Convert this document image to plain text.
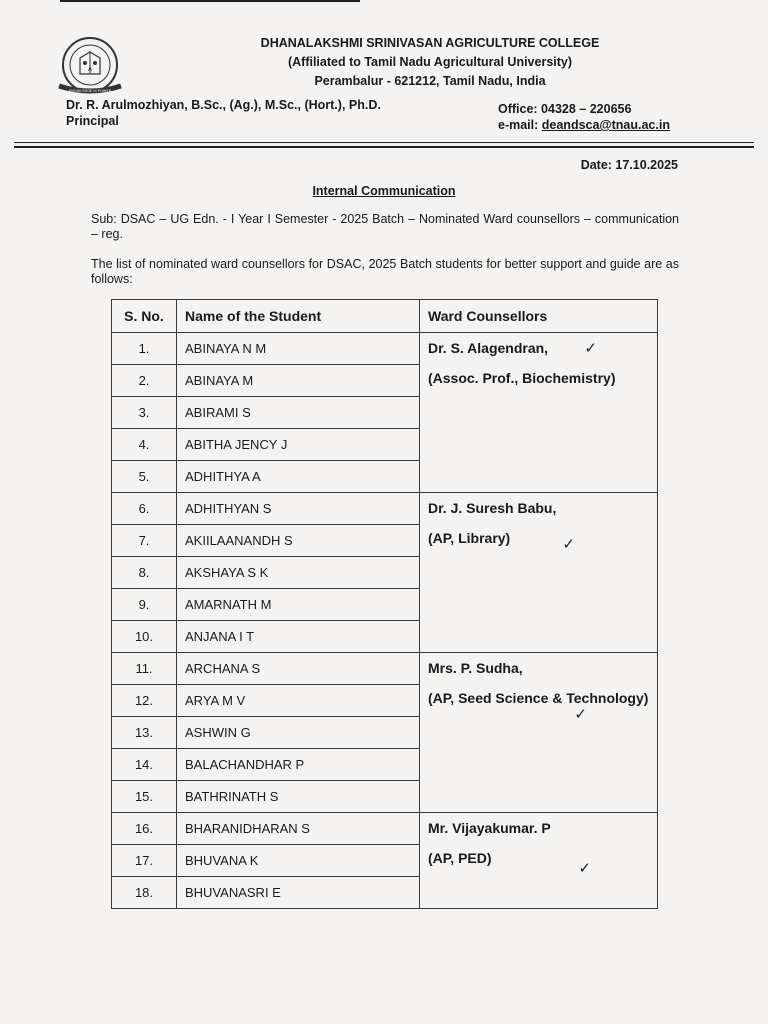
A
KNOWLEDGE IS POWER
DHANALAKSHMI SRINIVASAN AGRICULTURE COLLEGE
(Affiliated to Tamil Nadu Agricultural University)
Perambalur - 621212, Tamil Nadu, India
Dr. R. Arulmozhiyan, B.Sc., (Ag.), M.Sc., (Hort.), Ph.D.
Principal
Office: 04328 – 220656
e-mail: deandsca@tnau.ac.in
Date: 17.10.2025
Internal Communication
Sub: DSAC – UG Edn. - I Year I Semester - 2025 Batch – Nominated Ward counsellors – communication – reg.
The list of nominated ward counsellors for DSAC, 2025 Batch students for better support and guide are as follows:
S. No.	Name of the Student	Ward Counsellors
1.	ABINAYA N M	Dr. S. Alagendran,
(Assoc. Prof., Biochemistry)
✓

2.	ABINAYA M	
3.	ABIRAMI S	
4.	ABITHA JENCY J	
5.	ADHITHYA A	
6.	ADHITHYAN S	Dr. J. Suresh Babu,
(AP, Library) ✓

7.	AKIILAANANDH S	
8.	AKSHAYA S K	
9.	AMARNATH M	
10.	ANJANA I T	
11.	ARCHANA S	Mrs. P. Sudha,
(AP, Seed Science & Technology)
✓

12.	ARYA M V	
13.	ASHWIN G	
14.	BALACHANDHAR P	
15.	BATHRINATH S	
16.	BHARANIDHARAN S	Mr. Vijayakumar. P
(AP, PED)
✓

17.	BHUVANA K	
18.	BHUVANASRI E	
